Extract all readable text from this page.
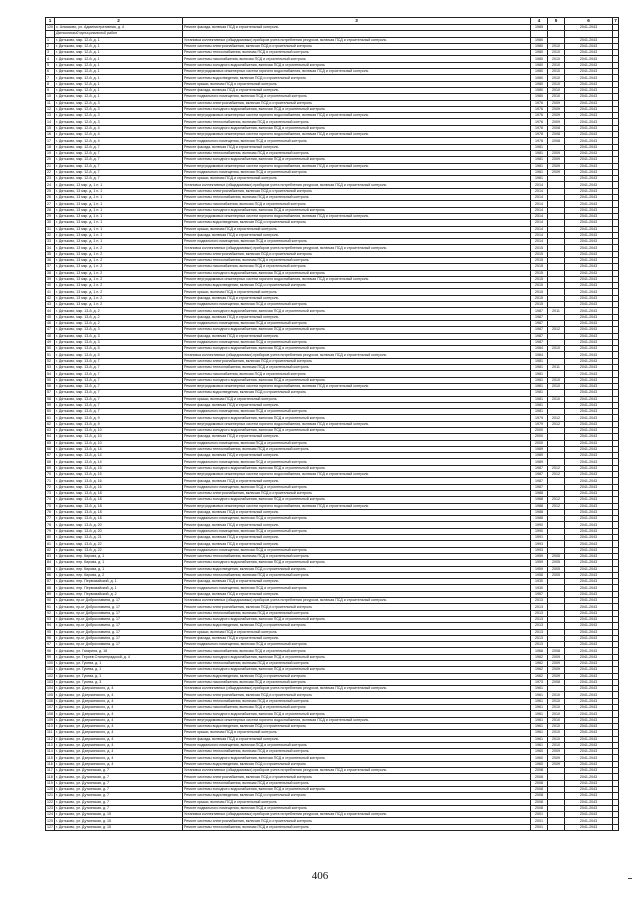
1	2	3	4	5	6	7
120	с. Алмазово, ул. Административная, д. 4	Ремонт фасада, включая ПСД и строительный контроль	1985		2041-2043	
	Дятьковский муниципальный район					
1	г. Дятьково, мкр. 12-й, д. 1	Установка коллективных (общедомовых) приборов учета потребления ресурсов, включая ПСД и строительный контроль	1980		2041-2043	
2	г. Дятьково, мкр. 12-й, д. 1	Ремонт системы электроснабжения, включая ПСД и строительный контроль	1980	2010	2041-2043	
3	г. Дятьково, мкр. 12-й, д. 1	Ремонт системы теплоснабжения, включая ПСД и строительный контроль	1980	2010	2041-2043	
4	г. Дятьково, мкр. 12-й, д. 1	Ремонт системы газоснабжения, включая ПСД и строительный контроль	1980	2010	2041-2043	
5	г. Дятьково, мкр. 12-й, д. 1	Ремонт системы холодного водоснабжения, включая ПСД и строительный контроль	1980	2010	2041-2043	
6	г. Дятьково, мкр. 12-й, д. 1	Ремонт внутридомовых инженерных систем горячего водоснабжения, включая ПСД и строительный контроль	1980	2010	2041-2043	
7	г. Дятьково, мкр. 12-й, д. 1	Ремонт системы водоотведения, включая ПСД и строительный контроль	1980	2010	2041-2043	
8	г. Дятьково, мкр. 12-й, д. 1	Ремонт крыши, включая ПСД и строительный контроль	1980	2010	2041-2043	
9	г. Дятьково, мкр. 12-й, д. 1	Ремонт фасада, включая ПСД и строительный контроль	1980	2010	2041-2043	
10	г. Дятьково, мкр. 12-й, д. 1	Ремонт подвального помещения, включая ПСД и строительный контроль	1980	2010	2041-2043	
11	г. Дятьково, мкр. 12-й, д. 3	Ремонт системы электроснабжения, включая ПСД и строительный контроль	1976	2009	2041-2043	
12	г. Дятьково, мкр. 12-й, д. 3	Ремонт системы холодного водоснабжения, включая ПСД и строительный контроль	1976	2009	2041-2043	
13	г. Дятьково, мкр. 12-й, д. 3	Ремонт внутридомовых инженерных систем горячего водоснабжения, включая ПСД и строительный контроль	1976	2009	2041-2043	
14	г. Дятьково, мкр. 12-й, д. 3	Ремонт системы теплоснабжения, включая ПСД и строительный контроль	1976	2009	2041-2043	
15	г. Дятьково, мкр. 12-й, д. 4	Ремонт системы холодного водоснабжения, включая ПСД и строительный контроль	1978	2008	2041-2043	
16	г. Дятьково, мкр. 12-й, д. 4	Ремонт внутридомовых инженерных систем горячего водоснабжения, включая ПСД и строительный контроль	1978	2008	2041-2043	
17	г. Дятьково, мкр. 12-й, д. 4	Ремонт подвального помещения, включая ПСД и строительный контроль	1978	2008	2041-2043	
18	г. Дятьково, мкр. 12-й, д. 7	Ремонт фасада, включая ПСД и строительный контроль	1981		2041-2043	
19	г. Дятьково, мкр. 12-й, д. 7	Ремонт системы теплоснабжения, включая ПСД и строительный контроль	1981	2009	2041-2043	
20	г. Дятьково, мкр. 12-й, д. 7	Ремонт системы холодного водоснабжения, включая ПСД и строительный контроль	1981	2009	2041-2043	
21	г. Дятьково, мкр. 12-й, д. 7	Ремонт внутридомовых инженерных систем горячего водоснабжения, включая ПСД и строительный контроль	1981	2009	2041-2043	
22	г. Дятьково, мкр. 12-й, д. 7	Ремонт подвального помещения, включая ПСД и строительный контроль	1981	2009	2041-2043	
23	г. Дятьково, мкр. 12-й, д. 7	Ремонт крыши, включая ПСД и строительный контроль	1981		2041-2043	
24	г. Дятьково, 13 мкр. д. 1 п. 1	Установка коллективных (общедомовых) приборов учета потребления ресурсов, включая ПСД и строительный контроль	2014		2041-2043	
25	г. Дятьково, 13 мкр. д. 1 п. 1	Ремонт системы электроснабжения, включая ПСД и строительный контроль	2014		2041-2043	
26	г. Дятьково, 13 мкр. д. 1 п. 1	Ремонт системы теплоснабжения, включая ПСД и строительный контроль	2014		2041-2043	
27	г. Дятьково, 13 мкр. д. 1 п. 1	Ремонт системы газоснабжения, включая ПСД и строительный контроль	2014		2041-2043	
28	г. Дятьково, 13 мкр. д. 1 п. 1	Ремонт системы холодного водоснабжения, включая ПСД и строительный контроль	2014		2041-2043	
29	г. Дятьково, 13 мкр. д. 1 п. 1	Ремонт внутридомовых инженерных систем горячего водоснабжения, включая ПСД и строительный контроль	2014		2041-2043	
30	г. Дятьково, 13 мкр. д. 1 п. 1	Ремонт системы водоотведения, включая ПСД и строительный контроль	2014		2041-2043	
31	г. Дятьково, 13 мкр. д. 1 п. 1	Ремонт крыши, включая ПСД и строительный контроль	2014		2041-2043	
32	г. Дятьково, 13 мкр. д. 1 п. 1	Ремонт фасада, включая ПСД и строительный контроль	2014		2041-2043	
33	г. Дятьково, 13 мкр. д. 1 п. 1	Ремонт подвального помещения, включая ПСД и строительный контроль	2014		2041-2043	
34	г. Дятьково, 13 мкр. д. 1 п. 2	Установка коллективных (общедомовых) приборов учета потребления ресурсов, включая ПСД и строительный контроль	2015		2041-2043	
35	г. Дятьково, 13 мкр. д. 1 п. 2	Ремонт системы электроснабжения, включая ПСД и строительный контроль	2015		2041-2043	
36	г. Дятьково, 13 мкр. д. 1 п. 2	Ремонт системы теплоснабжения, включая ПСД и строительный контроль	2015		2041-2043	
37	г. Дятьково, 13 мкр. д. 1 п. 2	Ремонт системы газоснабжения, включая ПСД и строительный контроль	2015		2041-2043	
38	г. Дятьково, 13 мкр. д. 1 п. 2	Ремонт системы холодного водоснабжения, включая ПСД и строительный контроль	2015		2041-2043	
39	г. Дятьково, 13 мкр. д. 1 п. 2	Ремонт внутридомовых инженерных систем горячего водоснабжения, включая ПСД и строительный контроль	2015		2041-2043	
40	г. Дятьково, 13 мкр. д. 1 п. 2	Ремонт системы водоотведения, включая ПСД и строительный контроль	2015		2041-2043	
41	г. Дятьково, 13 мкр. д. 1 п. 2	Ремонт крыши, включая ПСД и строительный контроль	2015		2041-2043	
42	г. Дятьково, 13 мкр. д. 1 п. 2	Ремонт фасада, включая ПСД и строительный контроль	2015		2041-2043	
43	г. Дятьково, 13 мкр. д. 1 п. 2	Ремонт подвального помещения, включая ПСД и строительный контроль	2015		2041-2043	
44	г. Дятьково, мкр. 13-й, д. 2	Ремонт системы холодного водоснабжения, включая ПСД и строительный контроль	1987	2011	2041-2043	
45	г. Дятьково, мкр. 13-й, д. 2	Ремонт фасада, включая ПСД и строительный контроль	1987		2041-2043	
46	г. Дятьково, мкр. 13-й, д. 2	Ремонт подвального помещения, включая ПСД и строительный контроль	1987		2041-2043	
47	г. Дятьково, мкр. 13-й, д. 3	Ремонт системы холодного водоснабжения, включая ПСД и строительный контроль	1987	2012	2041-2043	
48	г. Дятьково, мкр. 13-й, д. 3	Ремонт фасада, включая ПСД и строительный контроль	1987		2041-2043	
49	г. Дятьково, мкр. 13-й, д. 3	Ремонт подвального помещения, включая ПСД и строительный контроль	1987		2041-2043	
50	г. Дятьково, мкр. 13-й, д. 5	Ремонт системы холодного водоснабжения, включая ПСД и строительный контроль	1984	2010	2041-2043	
51	г. Дятьково, мкр. 13-й, д. 5	Установка коллективных (общедомовых) приборов учета потребления ресурсов, включая ПСД и строительный контроль	1984		2041-2043	
52	г. Дятьково, мкр. 13-й, д. 7	Ремонт системы электроснабжения, включая ПСД и строительный контроль	1981		2041-2043	
53	г. Дятьково, мкр. 13-й, д. 7	Ремонт системы теплоснабжения, включая ПСД и строительный контроль	1981	2011	2041-2043	
54	г. Дятьково, мкр. 13-й, д. 7	Ремонт системы газоснабжения, включая ПСД и строительный контроль	1981		2041-2043	
55	г. Дятьково, мкр. 13-й, д. 7	Ремонт системы холодного водоснабжения, включая ПСД и строительный контроль	1981	2010	2041-2043	
56	г. Дятьково, мкр. 13-й, д. 7	Ремонт внутридомовых инженерных систем горячего водоснабжения, включая ПСД и строительный контроль	1981	2010	2041-2043	
57	г. Дятьково, мкр. 13-й, д. 7	Ремонт системы водоотведения, включая ПСД и строительный контроль	1981		2041-2043	
58	г. Дятьково, мкр. 13-й, д. 7	Ремонт крыши, включая ПСД и строительный контроль	1981	2010	2041-2043	
59	г. Дятьково, мкр. 13-й, д. 7	Ремонт фасада, включая ПСД и строительный контроль	1981		2041-2043	
60	г. Дятьково, мкр. 13-й, д. 7	Ремонт подвального помещения, включая ПСД и строительный контроль	1981		2041-2043	
61	г. Дятьково, мкр. 13-й, д. 9	Ремонт системы холодного водоснабжения, включая ПСД и строительный контроль	1979	2012	2041-2043	
62	г. Дятьково, мкр. 13-й, д. 9	Ремонт внутридомовых инженерных систем горячего водоснабжения, включая ПСД и строительный контроль	1979	2012	2041-2043	
63	г. Дятьково, мкр. 13-й, д. 10	Ремонт системы холодного водоснабжения, включая ПСД и строительный контроль	2000		2041-2043	
64	г. Дятьково, мкр. 13-й, д. 10	Ремонт фасада, включая ПСД и строительный контроль	2000		2041-2043	
65	г. Дятьково, мкр. 13-й, д. 10	Ремонт подвального помещения, включая ПСД и строительный контроль	2000		2041-2043	
66	г. Дятьково, мкр. 13-й, д. 14	Ремонт системы теплоснабжения, включая ПСД и строительный контроль	1989		2041-2043	
67	г. Дятьково, мкр. 13-й, д. 14	Ремонт фасада, включая ПСД и строительный контроль	1989		2041-2043	
68	г. Дятьково, мкр. 13-й, д. 14	Ремонт подвального помещения, включая ПСД и строительный контроль	1989		2041-2043	
69	г. Дятьково, мкр. 13-й, д. 15	Ремонт системы холодного водоснабжения, включая ПСД и строительный контроль	1987	2012	2041-2043	
70	г. Дятьково, мкр. 13-й, д. 15	Ремонт внутридомовых инженерных систем горячего водоснабжения, включая ПСД и строительный контроль	1987	2012	2041-2043	
71	г. Дятьково, мкр. 13-й, д. 16	Ремонт фасада, включая ПСД и строительный контроль	1987		2041-2043	
72	г. Дятьково, мкр. 13-й, д. 16	Ремонт подвального помещения, включая ПСД и строительный контроль	1987		2041-2043	
73	г. Дятьково, мкр. 13-й, д. 18	Ремонт системы электроснабжения, включая ПСД и строительный контроль	1988		2041-2043	
74	г. Дятьково, мкр. 13-й, д. 18	Ремонт системы холодного водоснабжения, включая ПСД и строительный контроль	1988	2012	2041-2043	
75	г. Дятьково, мкр. 13-й, д. 18	Ремонт внутридомовых инженерных систем горячего водоснабжения, включая ПСД и строительный контроль	1988	2012	2041-2043	
76	г. Дятьково, мкр. 13-й, д. 18	Ремонт фасада, включая ПСД и строительный контроль	1988		2041-2043	
77	г. Дятьково, мкр. 13-й, д. 18	Ремонт подвального помещения, включая ПСД и строительный контроль	1988		2041-2043	
78	г. Дятьково, мкр. 13-й, д. 20	Ремонт фасада, включая ПСД и строительный контроль	1990		2041-2043	
79	г. Дятьково, мкр. 13-й, д. 20	Ремонт подвального помещения, включая ПСД и строительный контроль	1990		2041-2043	
80	г. Дятьково, мкр. 13-й, д. 21	Ремонт фасада, включая ПСД и строительный контроль	1991		2041-2043	
81	г. Дятьково, мкр. 13-й, д. 22	Ремонт фасада, включая ПСД и строительный контроль	1993		2041-2043	
82	г. Дятьково, мкр. 13-й, д. 22	Ремонт подвального помещения, включая ПСД и строительный контроль	1993		2041-2043	
83	г. Дятьково, пер. Кирова, д. 1	Ремонт системы теплоснабжения, включая ПСД и строительный контроль	1959	2005	2041-2043	
84	г. Дятьково, пер. Кирова, д. 1	Ремонт системы холодного водоснабжения, включая ПСД и строительный контроль	1959	2005	2041-2043	
85	г. Дятьково, пер. Кирова, д. 1	Ремонт системы водоотведения, включая ПСД и строительный контроль	1959	2005	2041-2043	
86	г. Дятьково, пер. Кирова, д. 2	Ремонт системы теплоснабжения, включая ПСД и строительный контроль	1958	2005	2041-2043	
87	г. Дятьково, пер. Первомайский, д. 1	Ремонт фасада, включая ПСД и строительный контроль	1930		2041-2043	
88	г. Дятьково, пер. Первомайский, д. 1	Ремонт подвального помещения, включая ПСД и строительный контроль	1930		2041-2043	
89	г. Дятьково, пер. Первомайский, д. 2	Ремонт фасада, включая ПСД и строительный контроль	1957		2041-2043	
90	г. Дятьково, пр-кт Доброславина, д. 17	Установка коллективных (общедомовых) приборов учета потребления ресурсов, включая ПСД и строительный контроль	2013		2041-2043	
91	г. Дятьково, пр-кт Доброславина, д. 17	Ремонт системы электроснабжения, включая ПСД и строительный контроль	2013		2041-2043	
92	г. Дятьково, пр-кт Доброславина, д. 17	Ремонт системы теплоснабжения, включая ПСД и строительный контроль	2013		2041-2043	
93	г. Дятьково, пр-кт Доброславина, д. 17	Ремонт системы холодного водоснабжения, включая ПСД и строительный контроль	2013		2041-2043	
94	г. Дятьково, пр-кт Доброславина, д. 17	Ремонт системы водоотведения, включая ПСД и строительный контроль	2013		2041-2043	
95	г. Дятьково, пр-кт Доброславина, д. 17	Ремонт крыши, включая ПСД и строительный контроль	2013		2041-2043	
96	г. Дятьково, пр-кт Доброславина, д. 17	Ремонт фасада, включая ПСД и строительный контроль	2013		2041-2043	
97	г. Дятьково, пр-кт Доброславина, д. 17	Ремонт подвального помещения, включая ПСД и строительный контроль	2013		2041-2043	
98	г. Дятьково, ул. Гагарина, д. 18	Ремонт системы газоснабжения, включая ПСД и строительный контроль	1968	2008	2041-2043	
99	г. Дятьково, ул. Героев Сталинградской, д. 4	Ремонт системы холодного водоснабжения, включая ПСД и строительный контроль	1962	2009	2041-2043	
100	г. Дятьково, ул. Гусева, д. 1	Ремонт системы теплоснабжения, включая ПСД и строительный контроль	1962	2009	2041-2043	
101	г. Дятьково, ул. Гусева, д. 1	Ремонт системы холодного водоснабжения, включая ПСД и строительный контроль	1962	2009	2041-2043	
102	г. Дятьково, ул. Гусева, д. 1	Ремонт системы водоотведения, включая ПСД и строительный контроль	1962	2009	2041-2043	
103	г. Дятьково, ул. Гусева, д. 3	Ремонт системы газоснабжения, включая ПСД и строительный контроль	1973	2008	2041-2043	
104	г. Дятьково, ул. Дзержинского, д. 4	Установка коллективных (общедомовых) приборов учета потребления ресурсов, включая ПСД и строительный контроль	1961		2041-2043	
105	г. Дятьково, ул. Дзержинского, д. 4	Ремонт системы электроснабжения, включая ПСД и строительный контроль	1961	2010	2041-2043	
106	г. Дятьково, ул. Дзержинского, д. 4	Ремонт системы теплоснабжения, включая ПСД и строительный контроль	1961	2010	2041-2043	
107	г. Дятьково, ул. Дзержинского, д. 4	Ремонт системы газоснабжения, включая ПСД и строительный контроль	1961	2010	2041-2043	
108	г. Дятьково, ул. Дзержинского, д. 4	Ремонт системы холодного водоснабжения, включая ПСД и строительный контроль	1961	2010	2041-2043	
109	г. Дятьково, ул. Дзержинского, д. 4	Ремонт внутридомовых инженерных систем горячего водоснабжения, включая ПСД и строительный контроль	1961	2010	2041-2043	
110	г. Дятьково, ул. Дзержинского, д. 4	Ремонт системы водоотведения, включая ПСД и строительный контроль	1961	2010	2041-2043	
111	г. Дятьково, ул. Дзержинского, д. 4	Ремонт крыши, включая ПСД и строительный контроль	1961	2010	2041-2043	
112	г. Дятьково, ул. Дзержинского, д. 4	Ремонт фасада, включая ПСД и строительный контроль	1961	2010	2041-2043	
113	г. Дятьково, ул. Дзержинского, д. 4	Ремонт подвального помещения, включая ПСД и строительный контроль	1961	2010	2041-2043	
114	г. Дятьково, ул. Дзержинского, д. 4	Ремонт системы теплоснабжения, включая ПСД и строительный контроль	1960	2009	2041-2043	
115	г. Дятьково, ул. Дзержинского, д. 4	Ремонт системы холодного водоснабжения, включая ПСД и строительный контроль	1960	2009	2041-2043	
116	г. Дятьково, ул. Дзержинского, д. 4	Ремонт системы водоотведения, включая ПСД и строительный контроль	1960	2009	2041-2043	
117	г. Дятьково, ул. Дуткинская, д. 7	Установка коллективных (общедомовых) приборов учета потребления ресурсов, включая ПСД и строительный контроль	2008		2041-2043	
118	г. Дятьково, ул. Дуткинская, д. 7	Ремонт системы электроснабжения, включая ПСД и строительный контроль	2008		2041-2043	
119	г. Дятьково, ул. Дуткинская, д. 7	Ремонт системы теплоснабжения, включая ПСД и строительный контроль	2008		2041-2043	
120	г. Дятьково, ул. Дуткинская, д. 7	Ремонт системы холодного водоснабжения, включая ПСД и строительный контроль	2008		2041-2043	
121	г. Дятьково, ул. Дуткинская, д. 7	Ремонт системы водоотведения, включая ПСД и строительный контроль	2008		2041-2043	
122	г. Дятьково, ул. Дуткинская, д. 7	Ремонт крыши, включая ПСД и строительный контроль	2008		2041-2043	
123	г. Дятьково, ул. Дуткинская, д. 7	Ремонт подвального помещения, включая ПСД и строительный контроль	2008		2041-2043	
124	г. Дятьково, ул. Дуткинская, д. 15	Установка коллективных (общедомовых) приборов учета потребления ресурсов, включая ПСД и строительный контроль	2001		2041-2043	
125	г. Дятьково, ул. Дуткинская, д. 15	Ремонт системы электроснабжения, включая ПСД и строительный контроль	2001		2041-2043	
127	г. Дятьково, ул. Дуткинская, д. 15	Ремонт системы теплоснабжения, включая ПСД и строительный контроль	2001		2041-2043	
406
